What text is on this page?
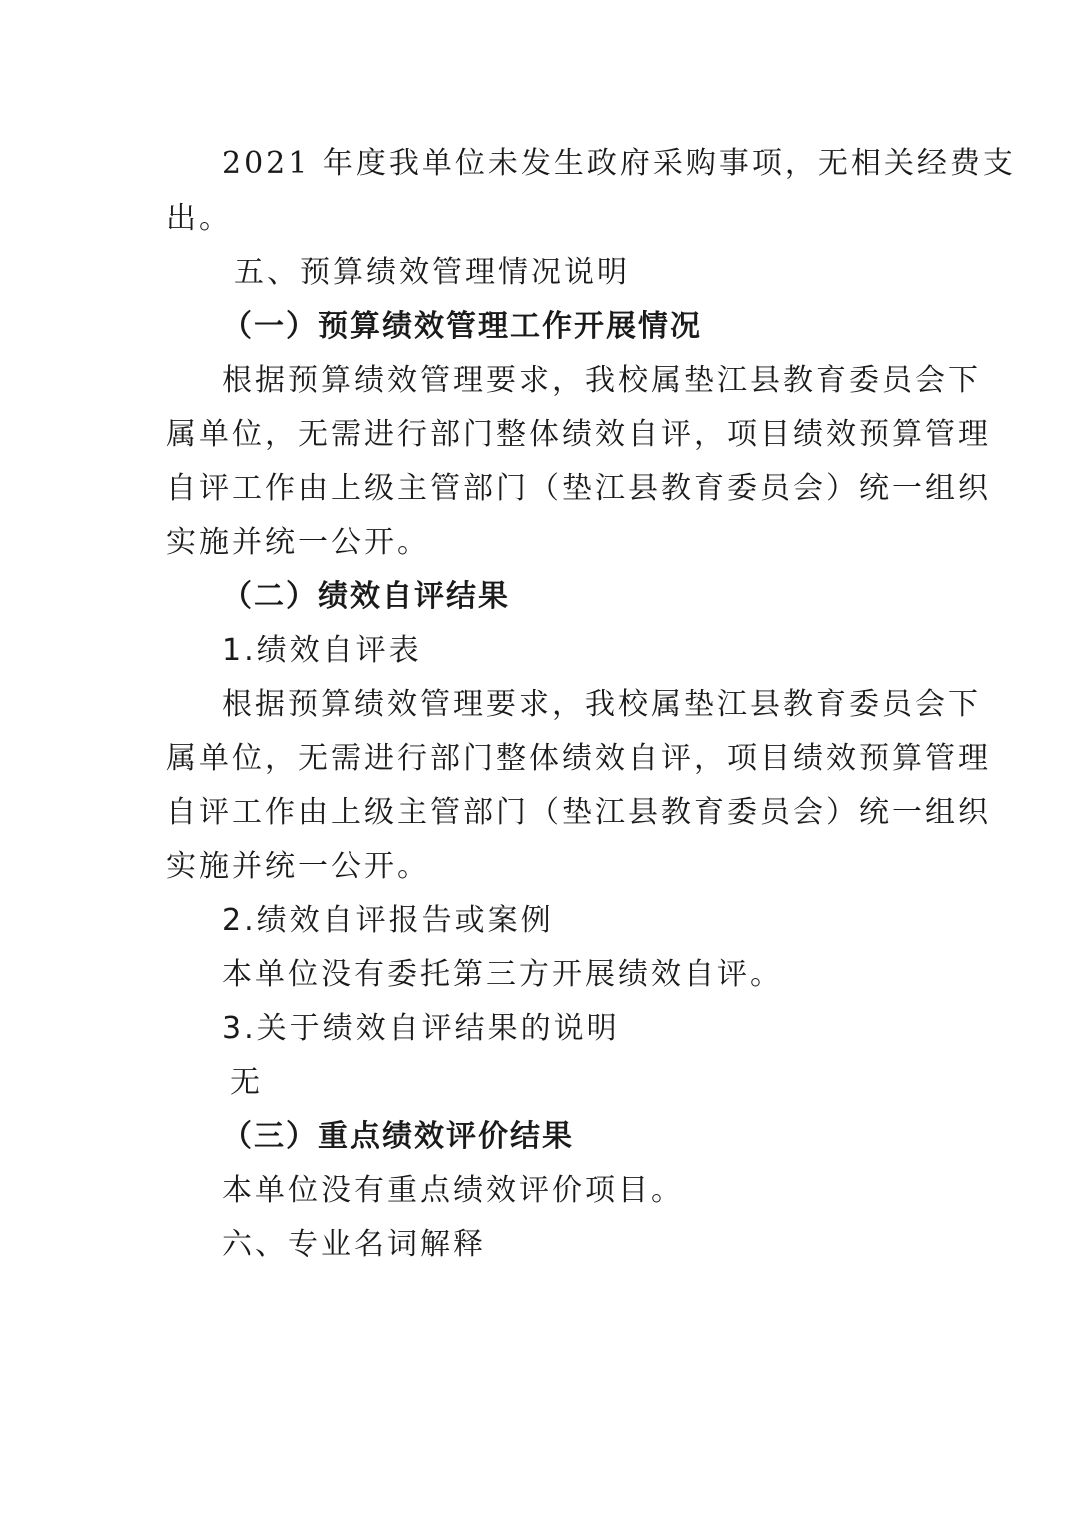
2021 年度我单位未发生政府采购事项，无相关经费支
出。
五、预算绩效管理情况说明
（一）预算绩效管理工作开展情况
根据预算绩效管理要求，我校属垫江县教育委员会下
属单位，无需进行部门整体绩效自评，项目绩效预算管理
自评工作由上级主管部门（垫江县教育委员会）统一组织
实施并统一公开。
（二）绩效自评结果
1.绩效自评表
根据预算绩效管理要求，我校属垫江县教育委员会下
属单位，无需进行部门整体绩效自评，项目绩效预算管理
自评工作由上级主管部门（垫江县教育委员会）统一组织
实施并统一公开。
2.绩效自评报告或案例
本单位没有委托第三方开展绩效自评。
3.关于绩效自评结果的说明
无
（三）重点绩效评价结果
本单位没有重点绩效评价项目。
六、专业名词解释
